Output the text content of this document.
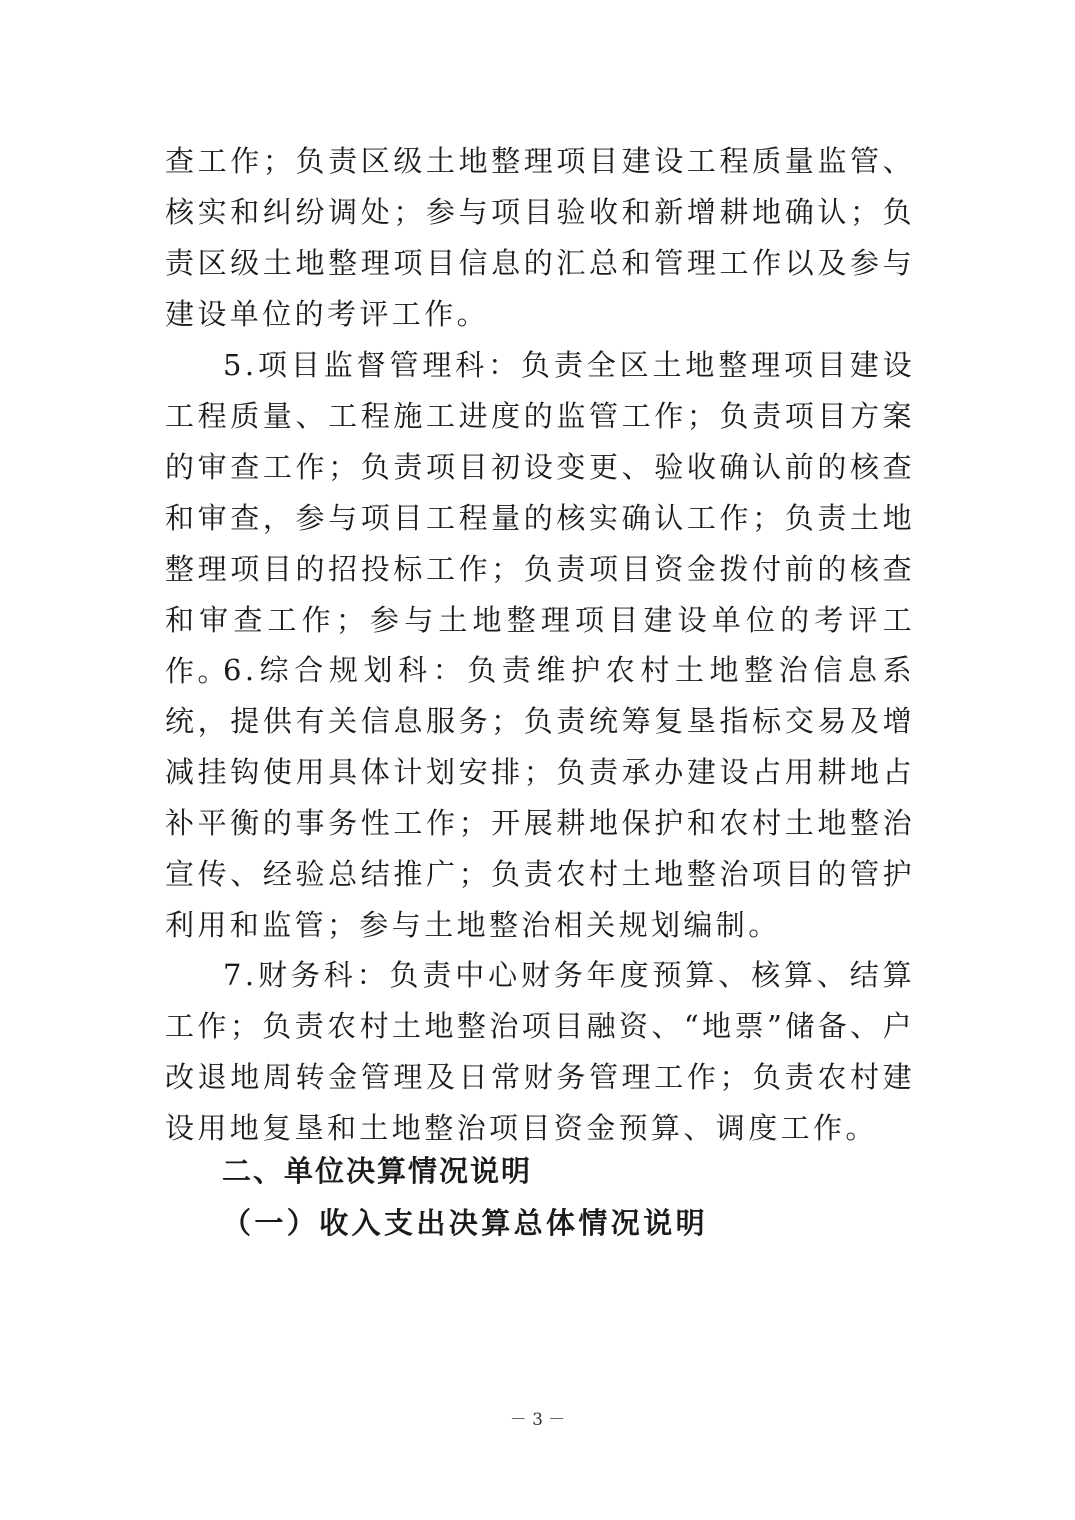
查工作；负责区级土地整理项目建设工程质量监管、核实和纠纷调处；参与项目验收和新增耕地确认；负责区级土地整理项目信息的汇总和管理工作以及参与建设单位的考评工作。

5.项目监督管理科：负责全区土地整理项目建设工程质量、工程施工进度的监管工作；负责项目方案的审查工作；负责项目初设变更、验收确认前的核查和审查，参与项目工程量的核实确认工作；负责土地整理项目的招投标工作；负责项目资金拨付前的核查和审查工作；参与土地整理项目建设单位的考评工作。

6.综合规划科：负责维护农村土地整治信息系统，提供有关信息服务；负责统筹复垦指标交易及增减挂钩使用具体计划安排；负责承办建设占用耕地占补平衡的事务性工作；开展耕地保护和农村土地整治宣传、经验总结推广；负责农村土地整治项目的管护利用和监管；参与土地整治相关规划编制。

7.财务科：负责中心财务年度预算、核算、结算工作；负责农村土地整治项目融资、“地票”储备、户改退地周转金管理及日常财务管理工作；负责农村建设用地复垦和土地整治项目资金预算、调度工作。

二、单位决算情况说明
（一）收入支出决算总体情况说明
－ 3 －
